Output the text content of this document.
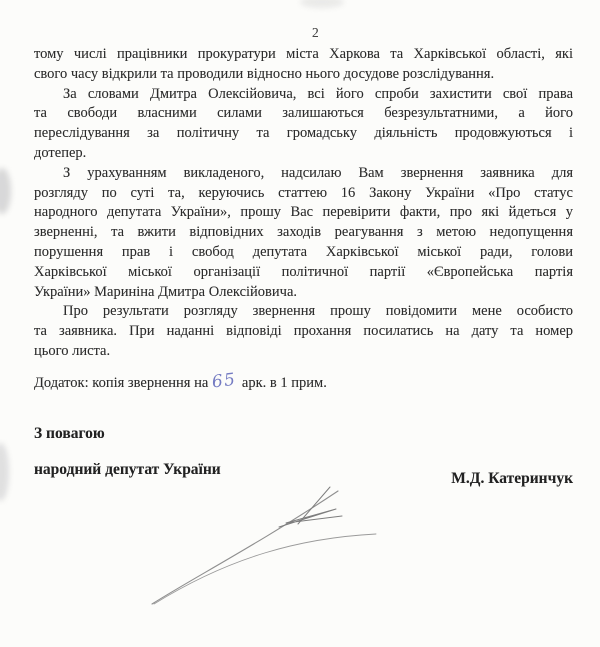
2
тому числі працівники прокуратури міста Харкова та Харківської області, які
свого часу відкрили та проводили відносно нього досудове розслідування.
За словами Дмитра Олексійовича, всі його спроби захистити свої права
та свободи власними силами залишаються безрезультатними, а його
переслідування за політичну та громадську діяльність продовжуються і
дотепер.
З урахуванням викладеного, надсилаю Вам звернення заявника для
розгляду по суті та, керуючись статтею 16 Закону України «Про статус
народного депутата України», прошу Вас перевірити факти, про які йдеться у
зверненні, та вжити відповідних заходів реагування з метою недопущення
порушення прав і свобод депутата Харківської міської ради, голови
Харківської міської організації політичної партії «Європейська партія
України» Мариніна Дмитра Олексійовича.
Про результати розгляду звернення прошу повідомити мене особисто
та заявника. При наданні відповіді прохання посилатись на дату та номер
цього листа.
Додаток: копія звернення на 65 арк. в 1 прим.
З повагою
народний депутат України
М.Д. Катеринчук
